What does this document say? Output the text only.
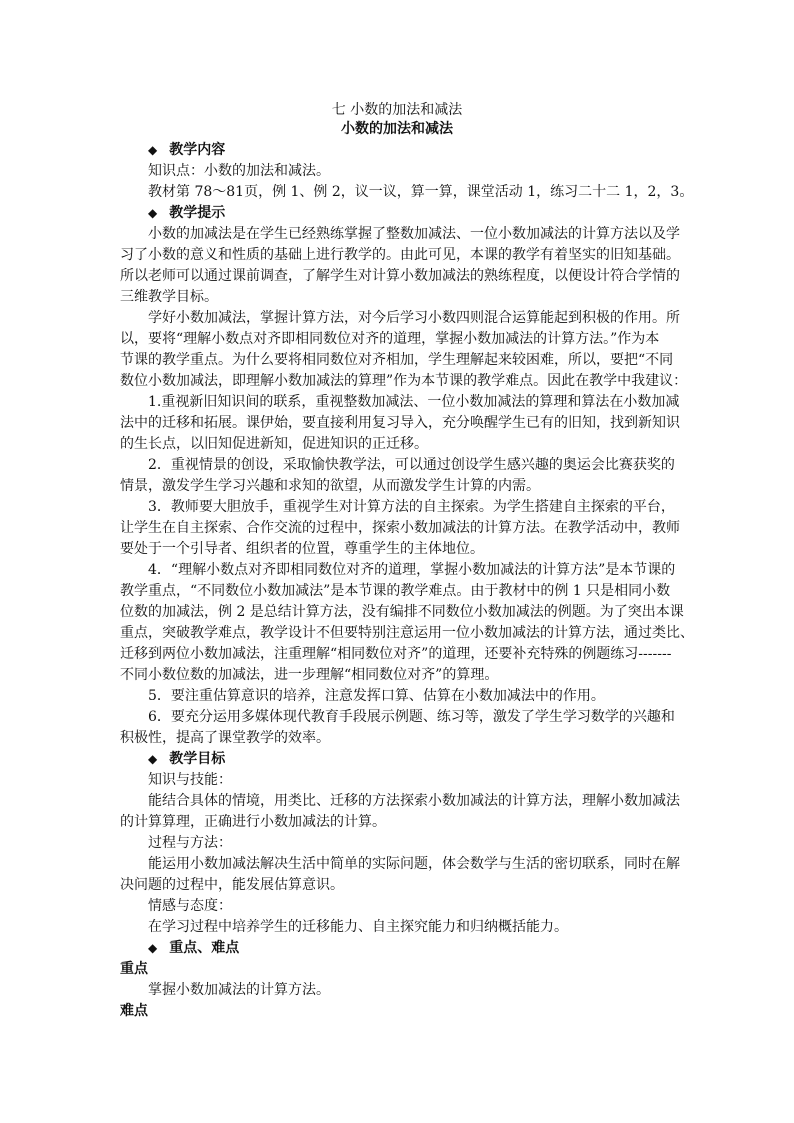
七 小数的加法和减法
小数的加法和减法
◆ 教学内容
知识点：小数的加法和减法。
教材第 78～81页，例 1、例 2，议一议，算一算，课堂活动 1，练习二十二 1，2，3。
◆ 教学提示
小数的加减法是在学生已经熟练掌握了整数加减法、一位小数加减法的计算方法以及学
习了小数的意义和性质的基础上进行教学的。由此可见，本课的教学有着坚实的旧知基础。
所以老师可以通过课前调查，了解学生对计算小数加减法的熟练程度，以便设计符合学情的
三维教学目标。
学好小数加减法，掌握计算方法，对今后学习小数四则混合运算能起到积极的作用。所
以，要将“理解小数点对齐即相同数位对齐的道理，掌握小数加减法的计算方法。”作为本
节课的教学重点。为什么要将相同数位对齐相加，学生理解起来较困难，所以，要把“不同
数位小数加减法，即理解小数加减法的算理”作为本节课的教学难点。因此在教学中我建议：
1.重视新旧知识间的联系，重视整数加减法、一位小数加减法的算理和算法在小数加减
法中的迁移和拓展。课伊始，要直接利用复习导入，充分唤醒学生已有的旧知，找到新知识
的生长点，以旧知促进新知，促进知识的正迁移。
2．重视情景的创设，采取愉快教学法，可以通过创设学生感兴趣的奥运会比赛获奖的
情景，激发学生学习兴趣和求知的欲望，从而激发学生计算的内需。
3．教师要大胆放手，重视学生对计算方法的自主探索。为学生搭建自主探索的平台，
让学生在自主探索、合作交流的过程中，探索小数加减法的计算方法。在教学活动中，教师
要处于一个引导者、组织者的位置，尊重学生的主体地位。
4．“理解小数点对齐即相同数位对齐的道理，掌握小数加减法的计算方法”是本节课的
教学重点，“不同数位小数加减法”是本节课的教学难点。由于教材中的例 1 只是相同小数
位数的加减法，例 2 是总结计算方法，没有编排不同数位小数加减法的例题。为了突出本课
重点，突破教学难点，教学设计不但要特别注意运用一位小数加减法的计算方法，通过类比、
迁移到两位小数加减法，注重理解“相同数位对齐”的道理，还要补充特殊的例题练习-------
不同小数位数的加减法，进一步理解“相同数位对齐”的算理。
5．要注重估算意识的培养，注意发挥口算、估算在小数加减法中的作用。
6．要充分运用多媒体现代教育手段展示例题、练习等，激发了学生学习数学的兴趣和
积极性，提高了课堂教学的效率。
◆ 教学目标
知识与技能：
能结合具体的情境，用类比、迁移的方法探索小数加减法的计算方法，理解小数加减法
的计算算理，正确进行小数加减法的计算。
过程与方法：
能运用小数加减法解决生活中简单的实际问题，体会数学与生活的密切联系，同时在解
决问题的过程中，能发展估算意识。
情感与态度：
在学习过程中培养学生的迁移能力、自主探究能力和归纳概括能力。
◆ 重点、难点
重点
掌握小数加减法的计算方法。
难点
